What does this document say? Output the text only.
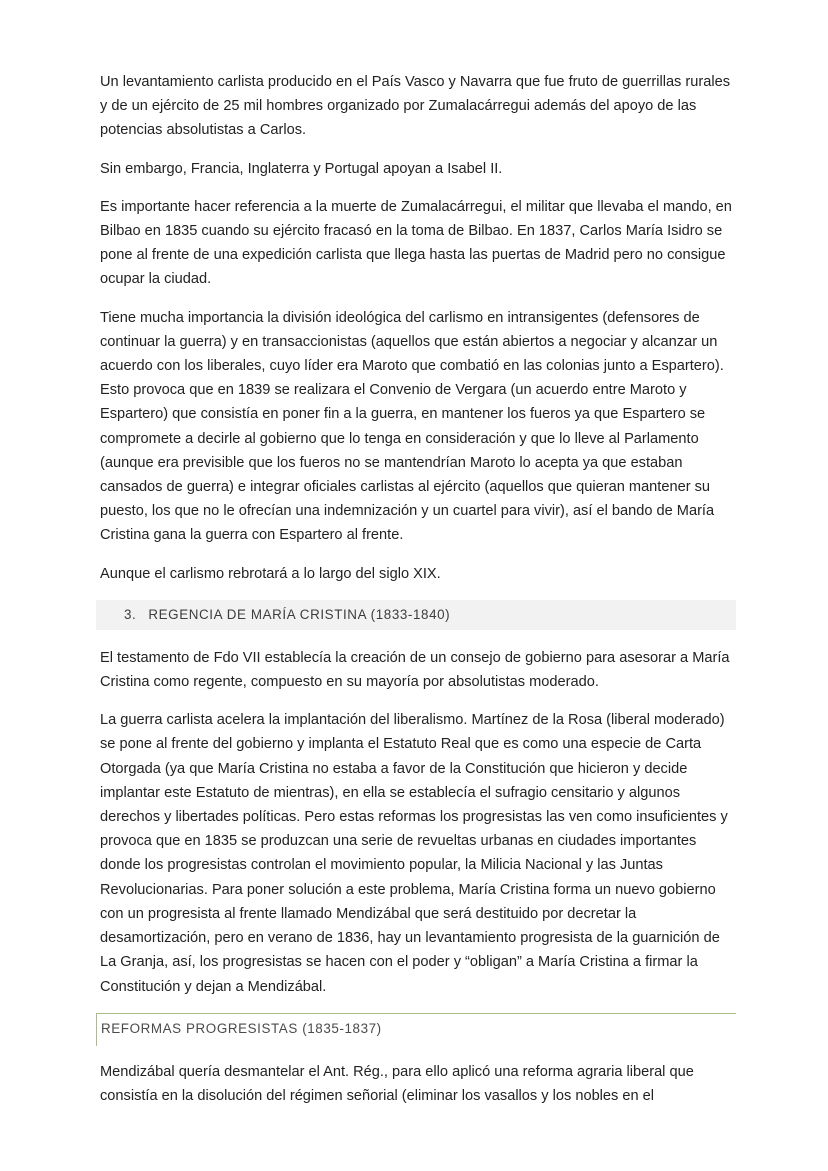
Un levantamiento carlista producido en el País Vasco y Navarra que fue fruto de guerrillas rurales y de un ejército de 25 mil hombres organizado por Zumalacárregui además del apoyo de las potencias absolutistas a Carlos.

Sin embargo, Francia, Inglaterra y Portugal apoyan a Isabel II.

Es importante hacer referencia a la muerte de Zumalacárregui, el militar que llevaba el mando, en Bilbao en 1835 cuando su ejército fracasó en la toma de Bilbao. En 1837, Carlos María Isidro se pone al frente de una expedición carlista que llega hasta las puertas de Madrid pero no consigue ocupar la ciudad.

Tiene mucha importancia la división ideológica del carlismo en intransigentes (defensores de continuar la guerra) y en transaccionistas (aquellos que están abiertos a negociar y alcanzar un acuerdo con los liberales, cuyo líder era Maroto que combatió en las colonias junto a Espartero). Esto provoca que en 1839 se realizara el Convenio de Vergara (un acuerdo entre Maroto y Espartero) que consistía en poner fin a la guerra, en mantener los fueros ya que Espartero se compromete a decirle al gobierno que lo tenga en consideración y que lo lleve al Parlamento (aunque era previsible que los fueros no se mantendrían Maroto lo acepta ya que estaban cansados de guerra) e integrar oficiales carlistas al ejército (aquellos que quieran mantener su puesto, los que no le ofrecían una indemnización y un cuartel para vivir), así el bando de María Cristina gana la guerra con Espartero al frente.

Aunque el carlismo rebrotará a lo largo del siglo XIX.

3. REGENCIA DE MARÍA CRISTINA (1833-1840)

El testamento de Fdo VII establecía la creación de un consejo de gobierno para asesorar a María Cristina como regente, compuesto en su mayoría por absolutistas moderado.

La guerra carlista acelera la implantación del liberalismo. Martínez de la Rosa (liberal moderado) se pone al frente del gobierno y implanta el Estatuto Real que es como una especie de Carta Otorgada (ya que María Cristina no estaba a favor de la Constitución que hicieron y decide implantar este Estatuto de mientras), en ella se establecía el sufragio censitario y algunos derechos y libertades políticas. Pero estas reformas los progresistas las ven como insuficientes y provoca que en 1835 se produzcan una serie de revueltas urbanas en ciudades importantes donde los progresistas controlan el movimiento popular, la Milicia Nacional y las Juntas Revolucionarias. Para poner solución a este problema, María Cristina forma un nuevo gobierno con un progresista al frente llamado Mendizábal que será destituido por decretar la desamortización, pero en verano de 1836, hay un levantamiento progresista de la guarnición de La Granja, así, los progresistas se hacen con el poder y “obligan” a María Cristina a firmar la Constitución y dejan a Mendizábal.

REFORMAS PROGRESISTAS (1835-1837)

Mendizábal quería desmantelar el Ant. Rég., para ello aplicó una reforma agraria liberal que consistía en la disolución del régimen señorial (eliminar los vasallos y los nobles en el
